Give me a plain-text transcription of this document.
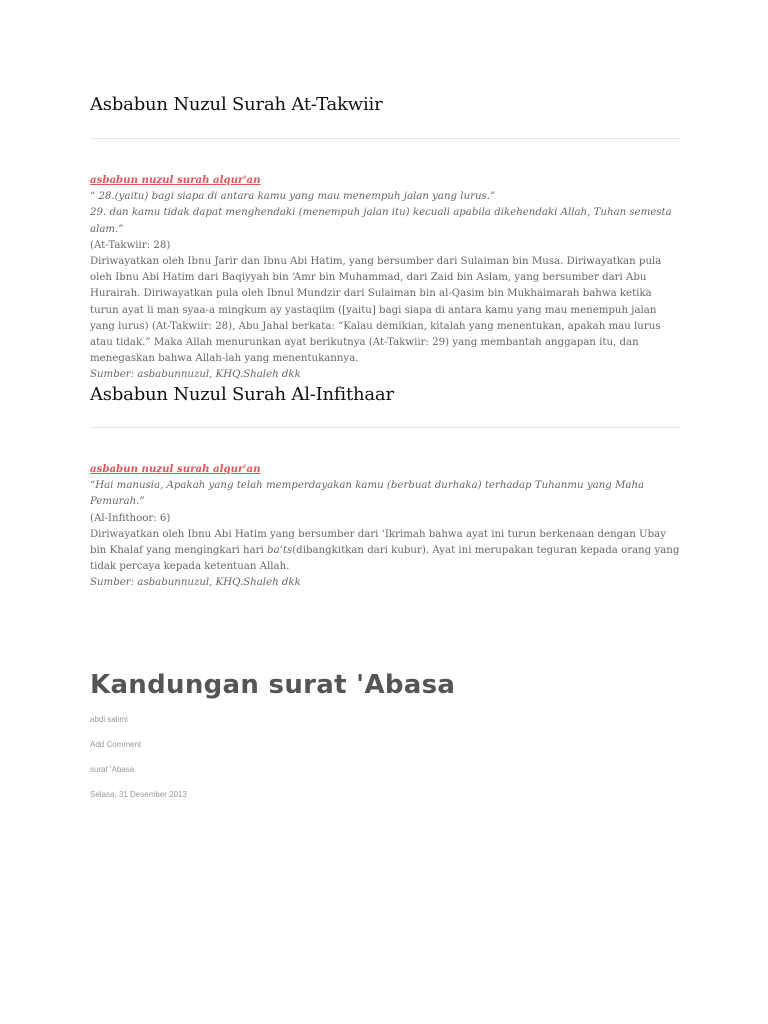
Asbabun Nuzul Surah At-Takwiir

asbabun nuzul surah alqur'an

“ 28.(yaitu) bagi siapa di antara kamu yang mau menempuh jalan yang lurus.”

29. dan kamu tidak dapat menghendaki (menempuh jalan itu) kecuali apabila dikehendaki Allah, Tuhan semesta alam.”

(At-Takwiir: 28)

Diriwayatkan oleh Ibnu Jarir dan Ibnu Abi Hatim, yang bersumber dari Sulaiman bin Musa. Diriwayatkan pula oleh Ibnu Abi Hatim dari Baqiyyah bin ‘Amr bin Muhammad, dari Zaid bin Aslam, yang bersumber dari Abu Hurairah. Diriwayatkan pula oleh Ibnul Mundzir dari Sulaiman bin al-Qasim bin Mukhaimarah bahwa ketika turun ayat li man syaa-a mingkum ay yastaqiim ([yaitu] bagi siapa di antara kamu yang mau menempuh jalan yang lurus) (At-Takwiir: 28), Abu Jahal berkata: “Kalau demikian, kitalah yang menentukan, apakah mau lurus atau tidak.” Maka Allah menurunkan ayat berikutnya (At-Takwiir: 29) yang membantah anggapan itu, dan menegaskan bahwa Allah-lah yang menentukannya.

Sumber: asbabunnuzul, KHQ.Shaleh dkk

Asbabun Nuzul Surah Al-Infithaar

asbabun nuzul surah alqur'an

“Hai manusia, Apakah yang telah memperdayakan kamu (berbuat durhaka) terhadap Tuhanmu yang Maha Pemurah.”

(Al-Infithoor: 6)

Diriwayatkan oleh Ibnu Abi Hatim yang bersumber dari ‘Ikrimah bahwa ayat ini turun berkenaan dengan Ubay bin Khalaf yang mengingkari hari ba’ts(dibangkitkan dari kubur). Ayat ini merupakan teguran kepada orang yang tidak percaya kepada ketentuan Allah.

Sumber: asbabunnuzul, KHQ.Shaleh dkk

Kandungan surat 'Abasa

abdi salimi

Add Comment

surat 'Abasa

Selasa, 31 Desember 2013
